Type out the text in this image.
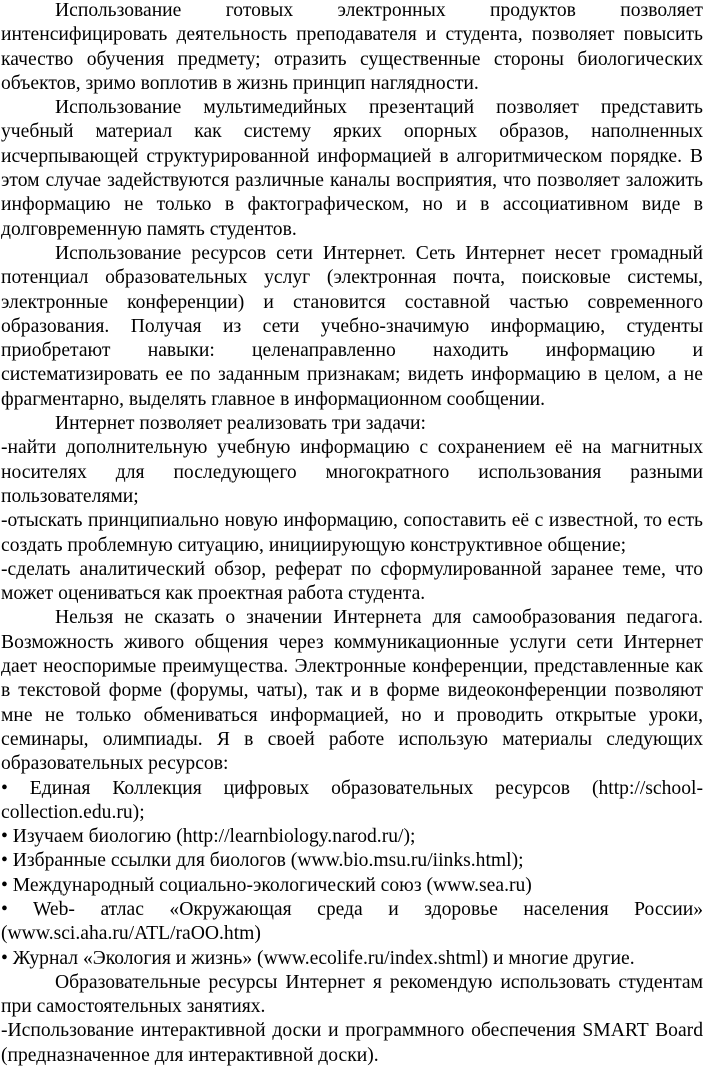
Использование готовых электронных продуктов позволяет интенсифицировать деятельность преподавателя и студента, позволяет повысить качество обучения предмету; отразить существенные стороны биологических объектов, зримо воплотив в жизнь принцип наглядности.

Использование мультимедийных презентаций позволяет представить учебный материал как систему ярких опорных образов, наполненных исчерпывающей структурированной информацией в алгоритмическом порядке. В этом случае задействуются различные каналы восприятия, что позволяет заложить информацию не только в фактографическом, но и в ассоциативном виде в долговременную память студентов.

Использование ресурсов сети Интернет. Сеть Интернет несет громадный потенциал образовательных услуг (электронная почта, поисковые системы, электронные конференции) и становится составной частью современного образования. Получая из сети учебно-значимую информацию, студенты приобретают навыки: целенаправленно находить информацию и систематизировать ее по заданным признакам; видеть информацию в целом, а не фрагментарно, выделять главное в информационном сообщении.

Интернет позволяет реализовать три задачи:

-найти дополнительную учебную информацию с сохранением её на магнитных носителях для последующего многократного использования разными пользователями;

-отыскать принципиально новую информацию, сопоставить её с известной, то есть создать проблемную ситуацию, инициирующую конструктивное общение;

-сделать аналитический обзор, реферат по сформулированной заранее теме, что может оцениваться как проектная работа студента.

Нельзя не сказать о значении Интернета для самообразования педагога. Возможность живого общения через коммуникационные услуги сети Интернет дает неоспоримые преимущества. Электронные конференции, представленные как в текстовой форме (форумы, чаты), так и в форме видеоконференции позволяют мне не только обмениваться информацией, но и проводить открытые уроки, семинары, олимпиады. Я в своей работе использую материалы следующих образовательных ресурсов:

• Единая Коллекция цифровых образовательных ресурсов (http://school-collection.edu.ru);

• Изучаем биологию (http://learnbiology.narod.ru/);

• Избранные ссылки для биологов (www.bio.msu.ru/iinks.html);

• Международный социально-экологический союз (www.sea.ru)

• Web- атлас «Окружающая среда и здоровье населения России» (www.sci.aha.ru/ATL/raOO.htm)

• Журнал «Экология и жизнь» (www.ecolife.ru/index.shtml) и многие другие.

Образовательные ресурсы Интернет я рекомендую использовать студентам при самостоятельных занятиях.

-Использование интерактивной доски и программного обеспечения SMART Board (предназначенное для интерактивной доски).
